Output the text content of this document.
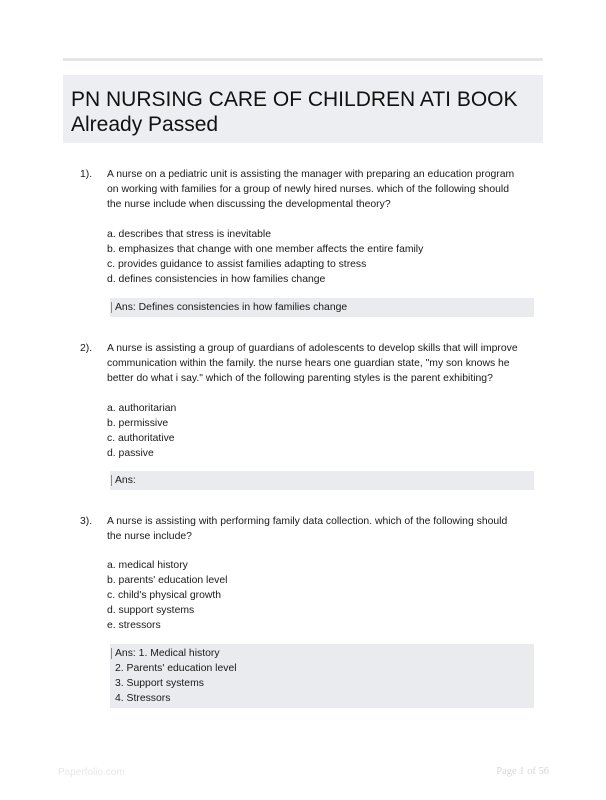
PN NURSING CARE OF CHILDREN ATI BOOK
Already Passed
1). A nurse on a pediatric unit is assisting the manager with preparing an education program
on working with families for a group of newly hired nurses. which of the following should
the nurse include when discussing the developmental theory?
a. describes that stress is inevitable
b. emphasizes that change with one member affects the entire family
c. provides guidance to assist families adapting to stress
d. defines consistencies in how families change
Ans: Defines consistencies in how families change
2). A nurse is assisting a group of guardians of adolescents to develop skills that will improve
communication within the family. the nurse hears one guardian state, "my son knows he
better do what i say." which of the following parenting styles is the parent exhibiting?
a. authoritarian
b. permissive
c. authoritative
d. passive
Ans:
3). A nurse is assisting with performing family data collection. which of the following should
the nurse include?
a. medical history
b. parents' education level
c. child's physical growth
d. support systems
e. stressors
Ans: 1. Medical history
2. Parents' education level
3. Support systems
4. Stressors
Paperfolio.com	Page 1 of 56
